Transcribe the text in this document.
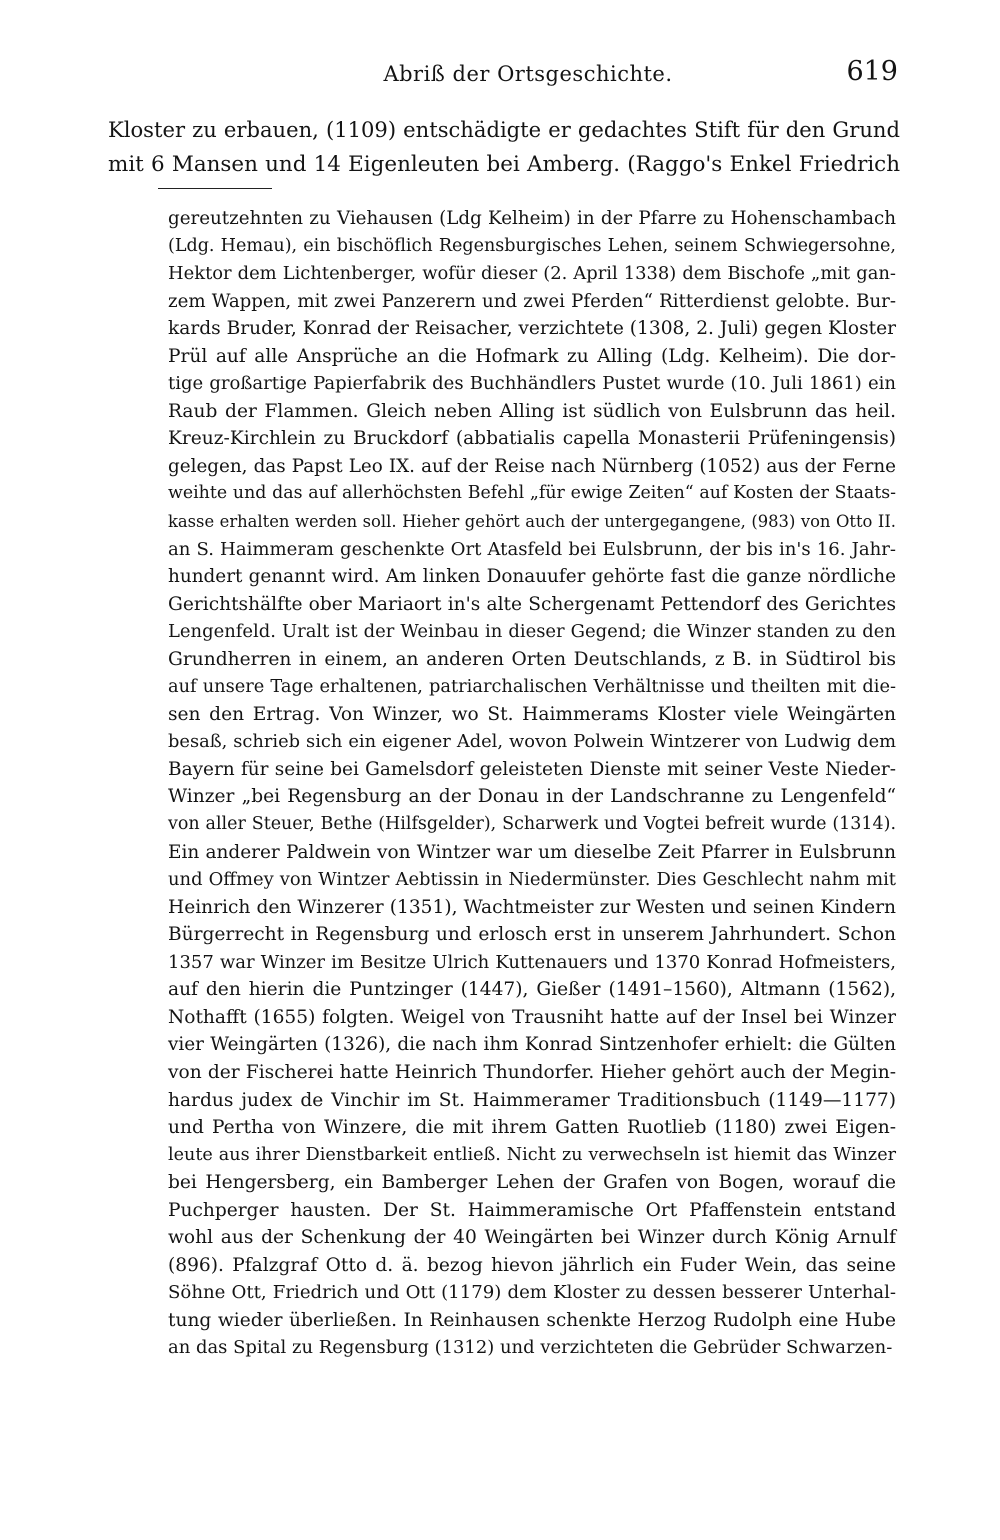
Abriß der Ortsgeschichte.	619
Kloster zu erbauen, (1109) entschädigte er gedachtes Stift für den Grund
mit 6 Mansen und 14 Eigenleuten bei Amberg. (Raggo's Enkel Friedrich
gereutzehnten zu Viehausen (Ldg Kelheim) in der Pfarre zu Hohenschambach
(Ldg. Hemau), ein bischöflich Regensburgisches Lehen, seinem Schwiegersohne,
Hektor dem Lichtenberger, wofür dieser (2. April 1338) dem Bischofe „mit gan-
zem Wappen, mit zwei Panzerern und zwei Pferden“ Ritterdienst gelobte. Bur-
kards Bruder, Konrad der Reisacher, verzichtete (1308, 2. Juli) gegen Kloster
Prül auf alle Ansprüche an die Hofmark zu Alling (Ldg. Kelheim). Die dor-
tige großartige Papierfabrik des Buchhändlers Pustet wurde (10. Juli 1861) ein
Raub der Flammen. Gleich neben Alling ist südlich von Eulsbrunn das heil.
Kreuz-Kirchlein zu Bruckdorf (abbatialis capella Monasterii Prüfeningensis)
gelegen, das Papst Leo IX. auf der Reise nach Nürnberg (1052) aus der Ferne
weihte und das auf allerhöchsten Befehl „für ewige Zeiten“ auf Kosten der Staats-
kasse erhalten werden soll. Hieher gehört auch der untergegangene, (983) von Otto II.
an S. Haimmeram geschenkte Ort Atasfeld bei Eulsbrunn, der bis in's 16. Jahr-
hundert genannt wird. Am linken Donauufer gehörte fast die ganze nördliche
Gerichtshälfte ober Mariaort in's alte Schergenamt Pettendorf des Gerichtes
Lengenfeld. Uralt ist der Weinbau in dieser Gegend; die Winzer standen zu den
Grundherren in einem, an anderen Orten Deutschlands, z B. in Südtirol bis
auf unsere Tage erhaltenen, patriarchalischen Verhältnisse und theilten mit die-
sen den Ertrag. Von Winzer, wo St. Haimmerams Kloster viele Weingärten
besaß, schrieb sich ein eigener Adel, wovon Polwein Wintzerer von Ludwig dem
Bayern für seine bei Gamelsdorf geleisteten Dienste mit seiner Veste Nieder-
Winzer „bei Regensburg an der Donau in der Landschranne zu Lengenfeld“
von aller Steuer, Bethe (Hilfsgelder), Scharwerk und Vogtei befreit wurde (1314).
Ein anderer Paldwein von Wintzer war um dieselbe Zeit Pfarrer in Eulsbrunn
und Offmey von Wintzer Aebtissin in Niedermünster. Dies Geschlecht nahm mit
Heinrich den Winzerer (1351), Wachtmeister zur Westen und seinen Kindern
Bürgerrecht in Regensburg und erlosch erst in unserem Jahrhundert. Schon
1357 war Winzer im Besitze Ulrich Kuttenauers und 1370 Konrad Hofmeisters,
auf den hierin die Puntzinger (1447), Gießer (1491–1560), Altmann (1562),
Nothafft (1655) folgten. Weigel von Trausniht hatte auf der Insel bei Winzer
vier Weingärten (1326), die nach ihm Konrad Sintzenhofer erhielt: die Gülten
von der Fischerei hatte Heinrich Thundorfer. Hieher gehört auch der Megin-
hardus judex de Vinchir im St. Haimmeramer Traditionsbuch (1149—1177)
und Pertha von Winzere, die mit ihrem Gatten Ruotlieb (1180) zwei Eigen-
leute aus ihrer Dienstbarkeit entließ. Nicht zu verwechseln ist hiemit das Winzer
bei Hengersberg, ein Bamberger Lehen der Grafen von Bogen, worauf die
Puchperger hausten. Der St. Haimmeramische Ort Pfaffenstein entstand
wohl aus der Schenkung der 40 Weingärten bei Winzer durch König Arnulf
(896). Pfalzgraf Otto d. ä. bezog hievon jährlich ein Fuder Wein, das seine
Söhne Ott, Friedrich und Ott (1179) dem Kloster zu dessen besserer Unterhal-
tung wieder überließen. In Reinhausen schenkte Herzog Rudolph eine Hube
an das Spital zu Regensburg (1312) und verzichteten die Gebrüder Schwarzen-
